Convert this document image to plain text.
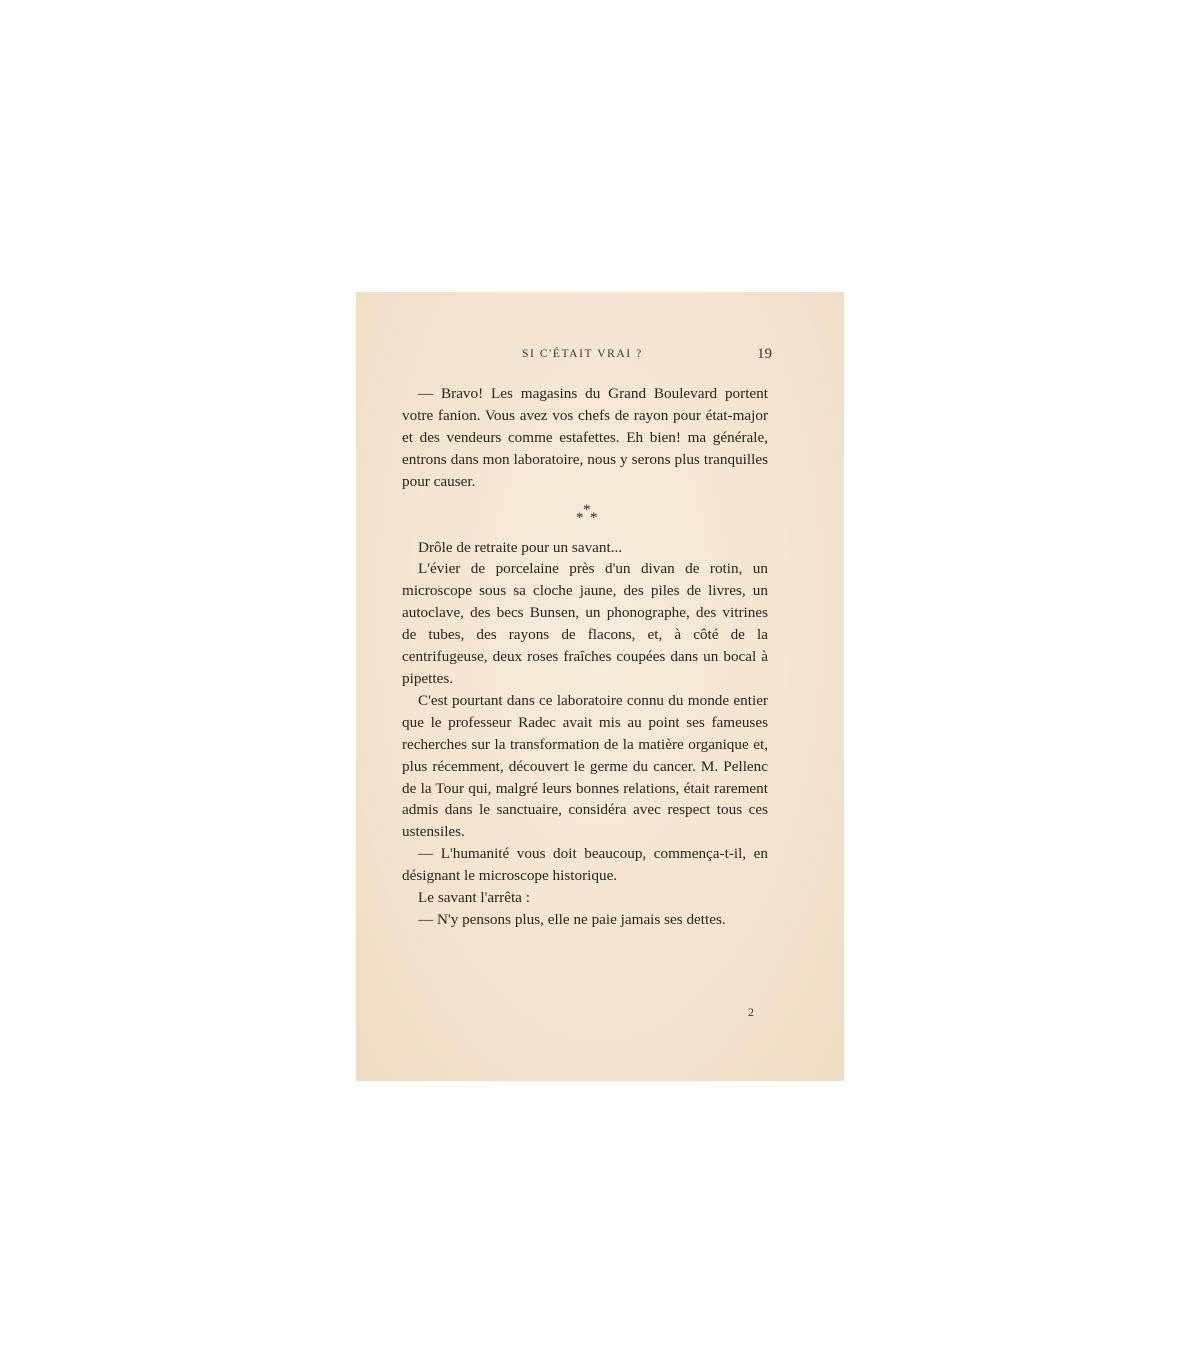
SI C'ÉTAIT VRAI ?	19

— Bravo! Les magasins du Grand Boulevard portent votre fanion. Vous avez vos chefs de rayon pour état-major et des vendeurs comme estafettes. Eh bien! ma générale, entrons dans mon laboratoire, nous y serons plus tranquilles pour causer.

* * *

Drôle de retraite pour un savant...

L'évier de porcelaine près d'un divan de rotin, un microscope sous sa cloche jaune, des piles de livres, un autoclave, des becs Bunsen, un phonographe, des vitrines de tubes, des rayons de flacons, et, à côté de la centrifugeuse, deux roses fraîches coupées dans un bocal à pipettes.

C'est pourtant dans ce laboratoire connu du monde entier que le professeur Radec avait mis au point ses fameuses recherches sur la transformation de la matière organique et, plus récemment, découvert le germe du cancer. M. Pellenc de la Tour qui, malgré leurs bonnes relations, était rarement admis dans le sanctuaire, considéra avec respect tous ces ustensiles.

— L'humanité vous doit beaucoup, commença-t-il, en désignant le microscope historique.

Le savant l'arrêta :

— N'y pensons plus, elle ne paie jamais ses dettes.

2
